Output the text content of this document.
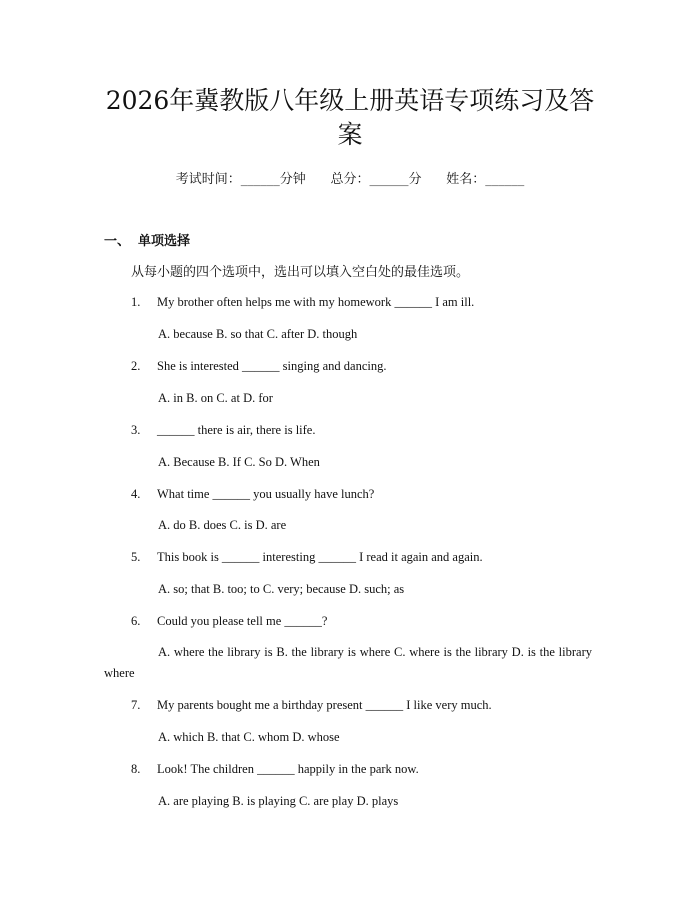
2026年冀教版八年级上册英语专项练习及答
案
考试时间：______分钟      总分：______分      姓名：______
一、 单项选择
从每小题的四个选项中，选出可以填入空白处的最佳选项。
1. My brother often helps me with my homework ______ I am ill.
A. because B. so that C. after D. though
2. She is interested ______ singing and dancing.
A. in B. on C. at D. for
3. ______ there is air, there is life.
A. Because B. If C. So D. When
4. What time ______ you usually have lunch?
A. do B. does C. is D. are
5. This book is ______ interesting ______ I read it again and again.
A. so; that B. too; to C. very; because D. such; as
6. Could you please tell me ______?
A. where the library is B. the library is where C. where is the library D. is the library where
7. My parents bought me a birthday present ______ I like very much.
A. which B. that C. whom D. whose
8. Look! The children ______ happily in the park now.
A. are playing B. is playing C. are play D. plays
